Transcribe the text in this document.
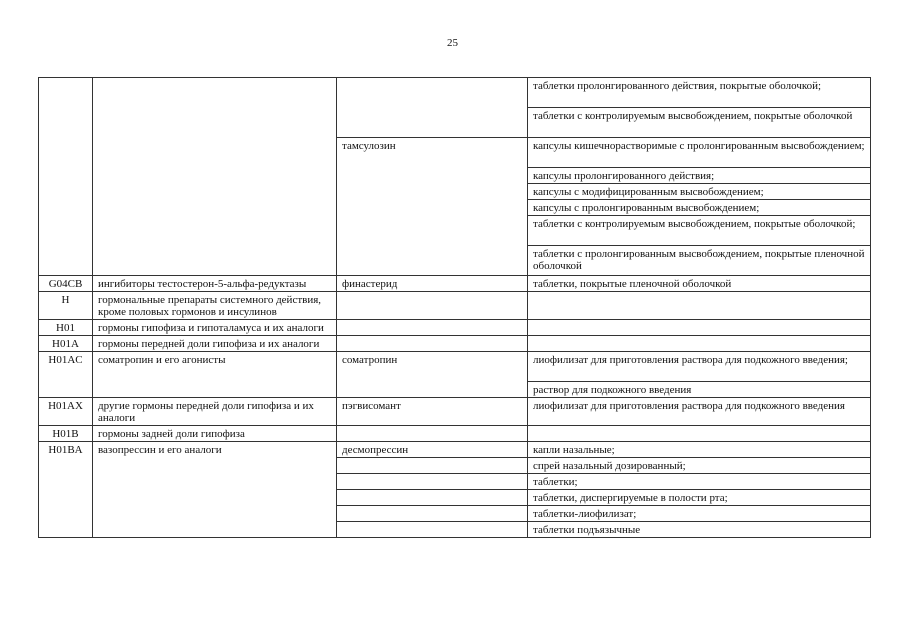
25
			таблетки пролонгированного действия, покрытые оболочкой;
			таблетки с контролируемым высвобождением, покрытые оболочкой
		тамсулозин	капсулы кишечнорастворимые с пролонгированным высвобождением;
			капсулы пролонгированного действия;
			капсулы с модифицированным высвобождением;
			капсулы с пролонгированным высвобождением;
			таблетки с контролируемым высвобождением, покрытые оболочкой;
			таблетки с пролонгированным высвобождением, покрытые пленочной оболочкой
G04CB	ингибиторы тестостерон-5-альфа-редуктазы	финастерид	таблетки, покрытые пленочной оболочкой
H	гормональные препараты системного действия, кроме половых гормонов и инсулинов		
H01	гормоны гипофиза и гипоталамуса и их аналоги		
H01A	гормоны передней доли гипофиза и их аналоги		
H01AC	соматропин и его агонисты	соматропин	лиофилизат для приготовления раствора для подкожного введения;
			раствор для подкожного введения
H01AX	другие гормоны передней доли гипофиза и их аналоги	пэгвисомант	лиофилизат для приготовления раствора для подкожного введения
H01B	гормоны задней доли гипофиза		
H01BA	вазопрессин и его аналоги	десмопрессин	капли назальные;
			спрей назальный дозированный;
			таблетки;
			таблетки, диспергируемые в полости рта;
			таблетки-лиофилизат;
			таблетки подъязычные
